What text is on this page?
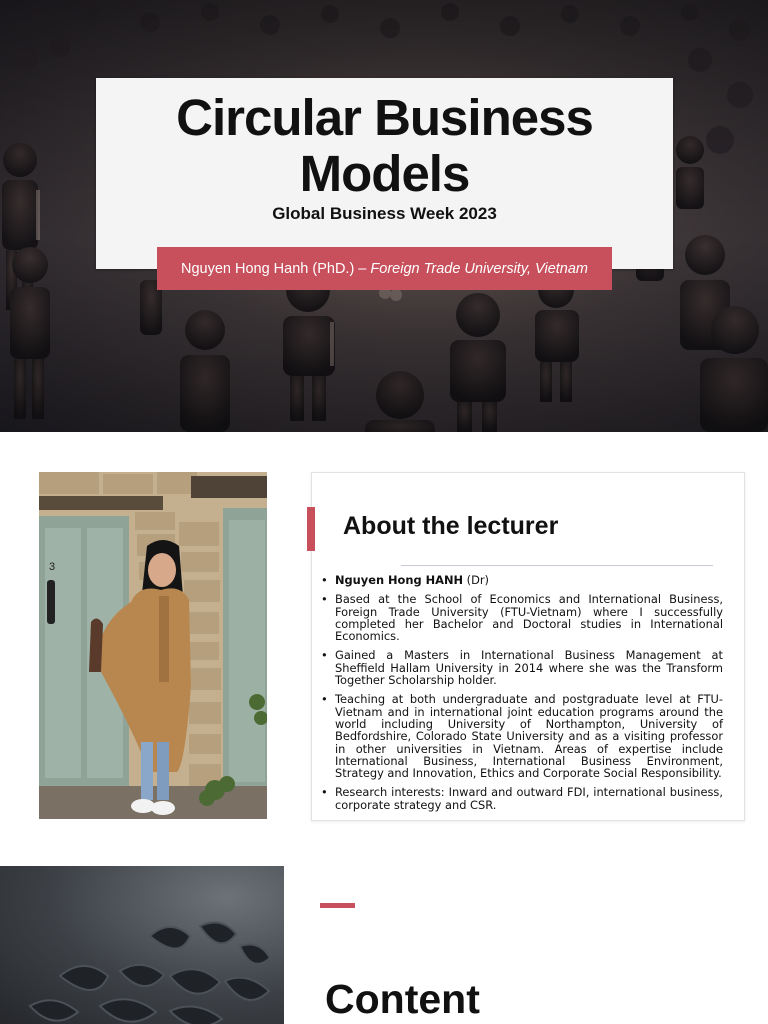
Circular Business Models
Global Business Week 2023
Nguyen Hong Hanh (PhD.) –
Foreign Trade University, Vietnam
3
About the lecturer
• Nguyen Hong HANH (Dr)
• Based at the School of Economics and International Business, Foreign Trade University (FTU-Vietnam) where I successfully completed her Bachelor and Doctoral studies in International Economics.
• Gained a Masters in International Business Management at Sheffield Hallam University in 2014 where she was the Transform Together Scholarship holder.
• Teaching at both undergraduate and postgraduate level at FTU-Vietnam and in international joint education programs around the world including University of Northampton, University of Bedfordshire, Colorado State University and as a visiting professor in other universities in Vietnam. Areas of expertise include International Business, International Business Environment, Strategy and Innovation, Ethics and Corporate Social Responsibility.
• Research interests: Inward and outward FDI, international business, corporate strategy and CSR.
Content
